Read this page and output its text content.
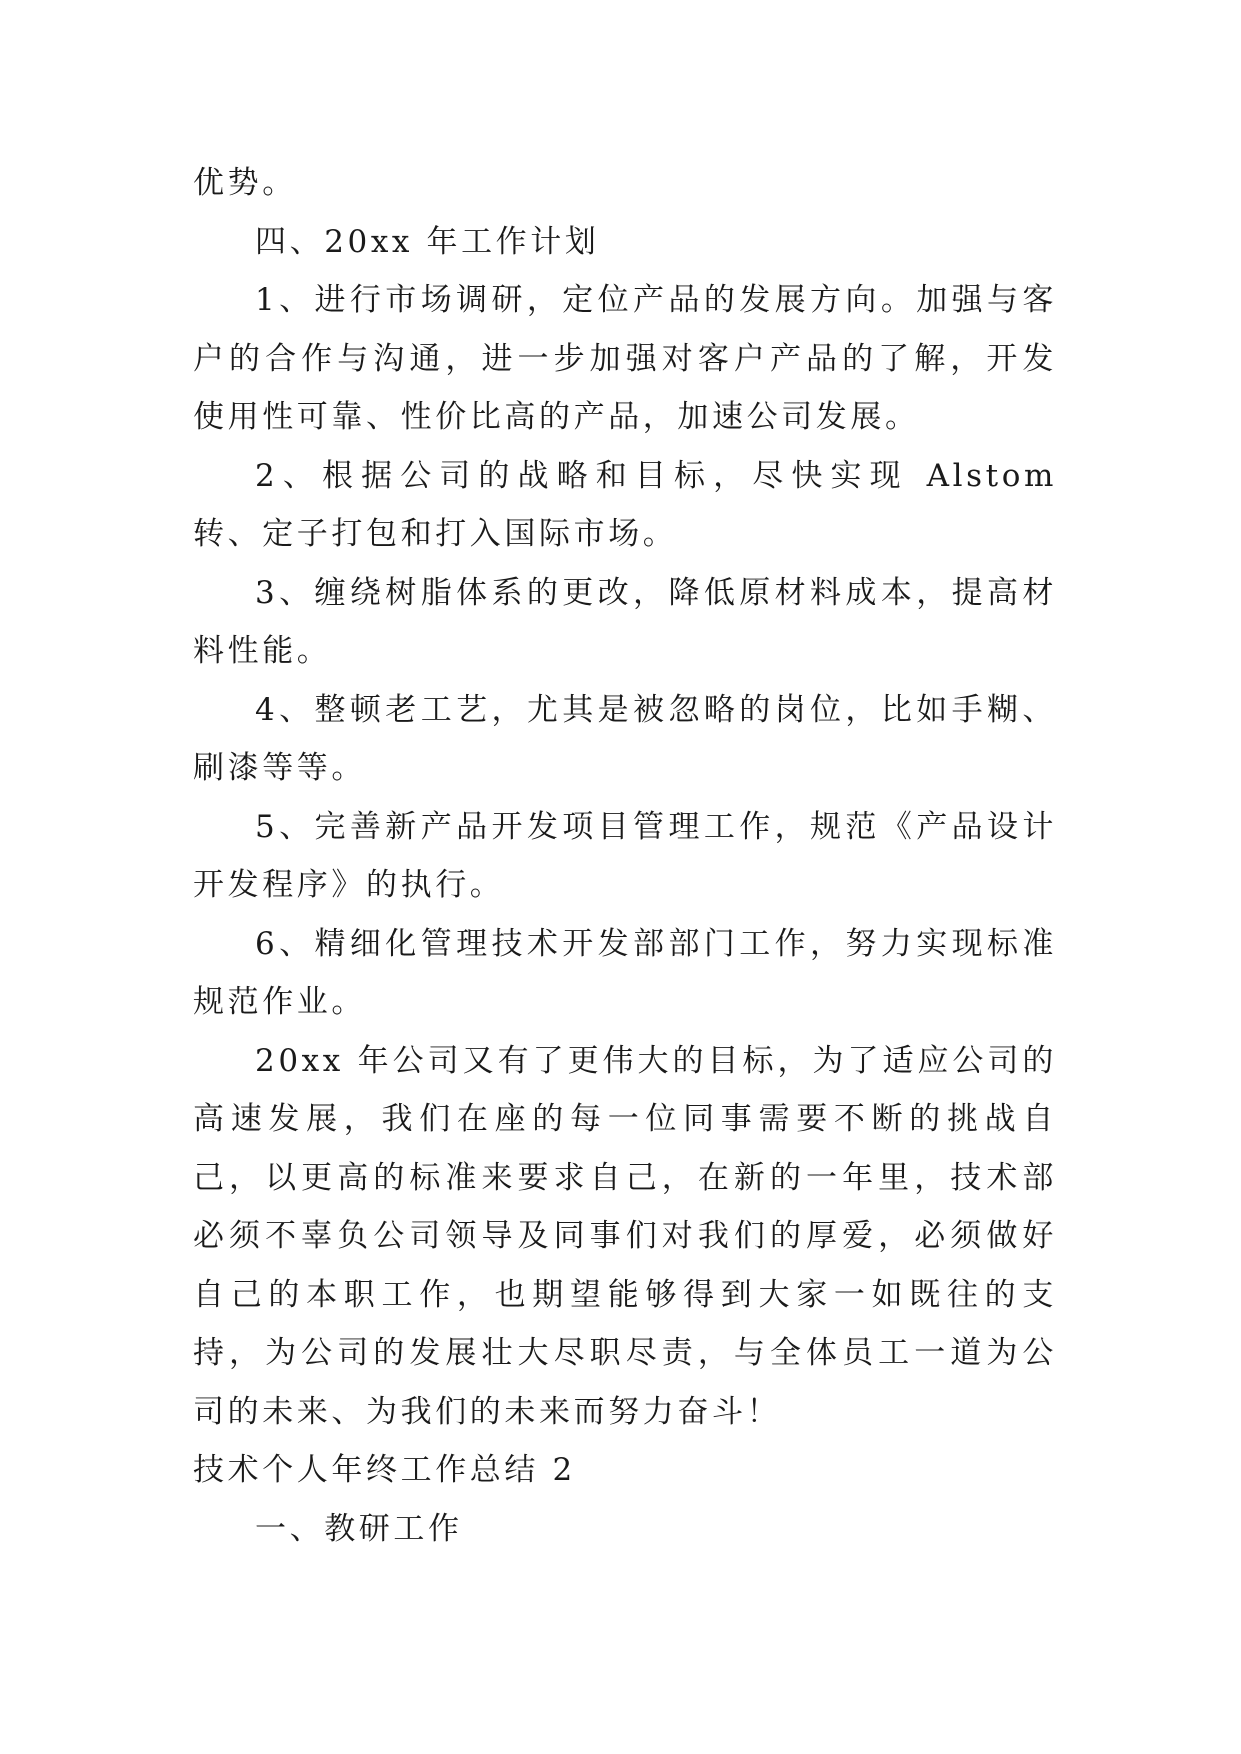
优势。

四、20xx 年工作计划

1、进行市场调研，定位产品的发展方向。加强与客户的合作与沟通，进一步加强对客户产品的了解，开发使用性可靠、性价比高的产品，加速公司发展。

2、根据公司的战略和目标，尽快实现 Alstom 转、定子打包和打入国际市场。

3、缠绕树脂体系的更改，降低原材料成本，提高材料性能。

4、整顿老工艺，尤其是被忽略的岗位，比如手糊、刷漆等等。

5、完善新产品开发项目管理工作，规范《产品设计开发程序》的执行。

6、精细化管理技术开发部部门工作，努力实现标准规范作业。

20xx 年公司又有了更伟大的目标，为了适应公司的高速发展，我们在座的每一位同事需要不断的挑战自己，以更高的标准来要求自己，在新的一年里，技术部必须不辜负公司领导及同事们对我们的厚爱，必须做好自己的本职工作，也期望能够得到大家一如既往的支持，为公司的发展壮大尽职尽责，与全体员工一道为公司的未来、为我们的未来而努力奋斗！

技术个人年终工作总结 2

一、教研工作
